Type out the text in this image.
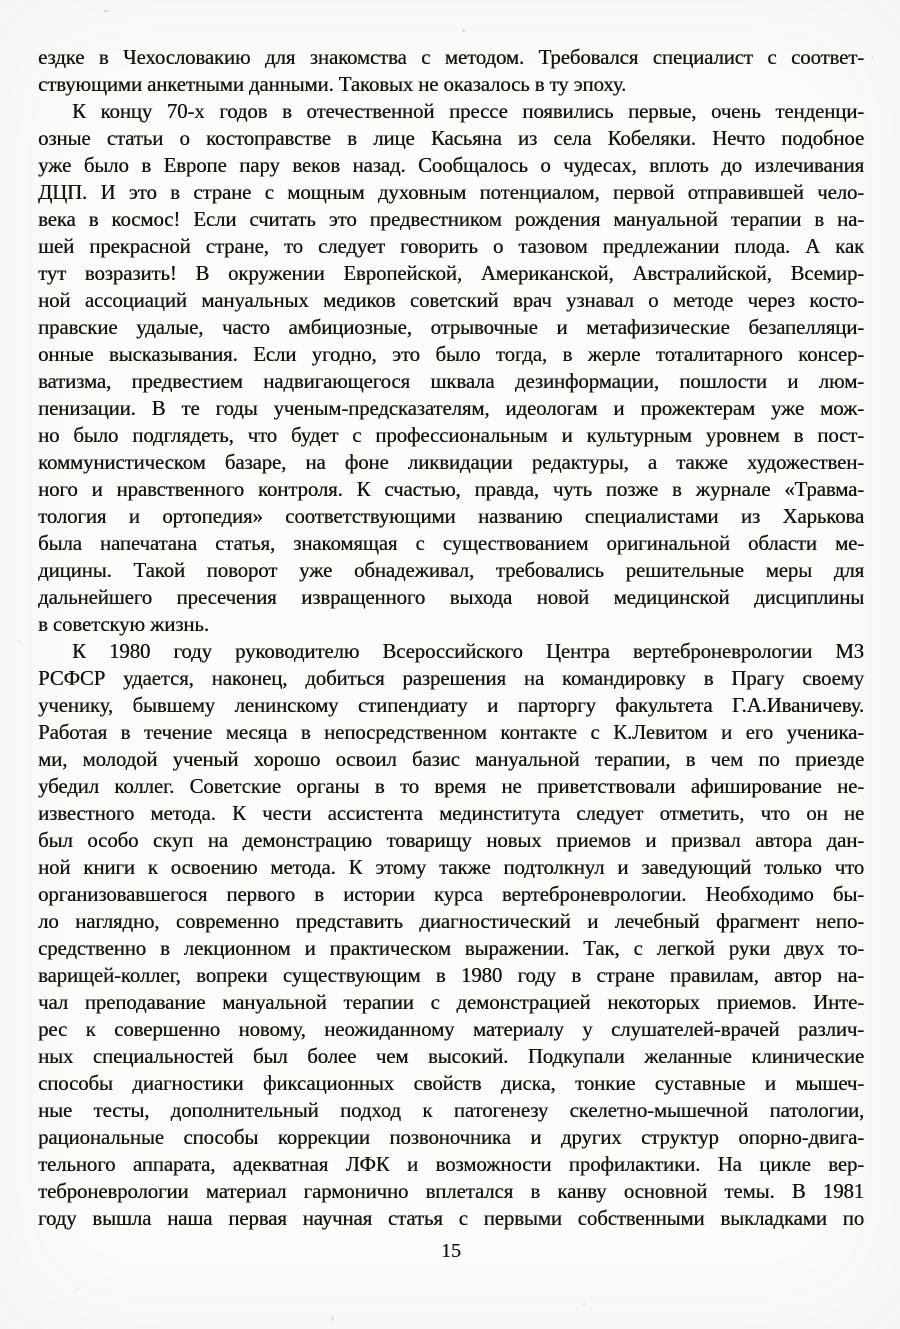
ездке в Чехословакию для знакомства с методом. Требовался специалист с соответ-
ствующими анкетными данными. Таковых не оказалось в ту эпоху.
К концу 70-х годов в отечественной прессе появились первые, очень тенденци-
озные статьи о костоправстве в лице Касьяна из села Кобеляки. Нечто подобное
уже было в Европе пару веков назад. Сообщалось о чудесах, вплоть до излечивания
ДЦП. И это в стране с мощным духовным потенциалом, первой отправившей чело-
века в космос! Если считать это предвестником рождения мануальной терапии в на-
шей прекрасной стране, то следует говорить о тазовом предлежании плода. А как
тут возразить! В окружении Европейской, Американской, Австралийской, Всемир-
ной ассоциаций мануальных медиков советский врач узнавал о методе через косто-
правские удалые, часто амбициозные, отрывочные и метафизические безапелляци-
онные высказывания. Если угодно, это было тогда, в жерле тоталитарного консер-
ватизма, предвестием надвигающегося шквала дезинформации, пошлости и люм-
пенизации. В те годы ученым-предсказателям, идеологам и прожектерам уже мож-
но было подглядеть, что будет с профессиональным и культурным уровнем в пост-
коммунистическом базаре, на фоне ликвидации редактуры, а также художествен-
ного и нравственного контроля. К счастью, правда, чуть позже в журнале «Травма-
тология и ортопедия» соответствующими названию специалистами из Харькова
была напечатана статья, знакомящая с существованием оригинальной области ме-
дицины. Такой поворот уже обнадеживал, требовались решительные меры для
дальнейшего пресечения извращенного выхода новой медицинской дисциплины
в советскую жизнь.
К 1980 году руководителю Всероссийского Центра вертеброневрологии МЗ
РСФСР удается, наконец, добиться разрешения на командировку в Прагу своему
ученику, бывшему ленинскому стипендиату и парторгу факультета Г.А.Иваничеву.
Работая в течение месяца в непосредственном контакте с К.Левитом и его ученика-
ми, молодой ученый хорошо освоил базис мануальной терапии, в чем по приезде
убедил коллег. Советские органы в то время не приветствовали афиширование не-
известного метода. К чести ассистента мединститута следует отметить, что он не
был особо скуп на демонстрацию товарищу новых приемов и призвал автора дан-
ной книги к освоению метода. К этому также подтолкнул и заведующий только что
организовавшегося первого в истории курса вертеброневрологии. Необходимо бы-
ло наглядно, современно представить диагностический и лечебный фрагмент непо-
средственно в лекционном и практическом выражении. Так, с легкой руки двух то-
варищей-коллег, вопреки существующим в 1980 году в стране правилам, автор на-
чал преподавание мануальной терапии с демонстрацией некоторых приемов. Инте-
рес к совершенно новому, неожиданному материалу у слушателей-врачей различ-
ных специальностей был более чем высокий. Подкупали желанные клинические
способы диагностики фиксационных свойств диска, тонкие суставные и мышеч-
ные тесты, дополнительный подход к патогенезу скелетно-мышечной патологии,
рациональные способы коррекции позвоночника и других структур опорно-двига-
тельного аппарата, адекватная ЛФК и возможности профилактики. На цикле вер-
теброневрологии материал гармонично вплетался в канву основной темы. В 1981
году вышла наша первая научная статья с первыми собственными выкладками по
15
